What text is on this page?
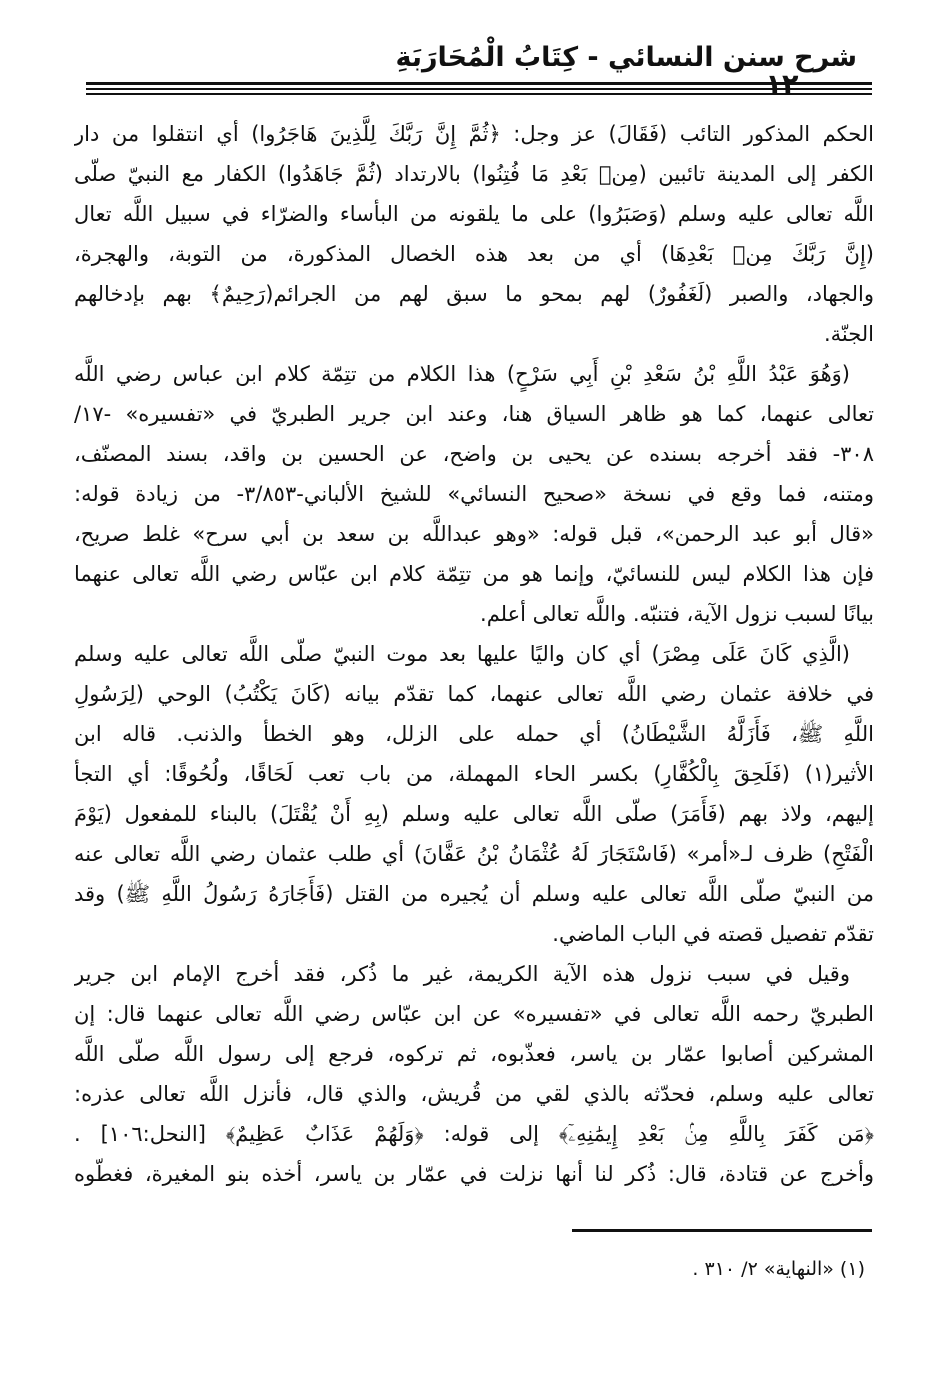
شرح سنن النسائي - كِتَابُ الْمُحَارَبَةِ
الحكم المذكور التائب (فَقَالَ) عز وجل: ﴿ثُمَّ إِنَّ رَبَّكَ لِلَّذِينَ هَاجَرُوا) أي انتقلوا من دار
الكفر إلى المدينة تائبين (مِنۢ بَعْدِ مَا فُتِنُوا) بالارتداد (ثُمَّ جَاهَدُوا) الكفار مع النبيّ صلّى
اللَّه تعالى عليه وسلم (وَصَبَرُوا) على ما يلقونه من البأساء والضرّاء في سبيل اللَّه تعال
(إِنَّ رَبَّكَ مِنۢ بَعْدِهَا) أي من بعد هذه الخصال المذكورة، من التوبة، والهجرة،
والجهاد، والصبر (لَغَفُورٌ) لهم بمحو ما سبق لهم من الجرائم(رَحِيمٌ﴾ بهم بإدخالهم
الجنّة.
(وَهُوَ عَبْدُ اللَّهِ بْنُ سَعْدِ بْنِ أَبِي سَرْحٍ) هذا الكلام من تتِمّة كلام ابن عباس رضي اللَّه
تعالى عنهما، كما هو ظاهر السياق هنا، وعند ابن جرير الطبريّ في «تفسيره» -١٧/
٣٠٨- فقد أخرجه بسنده عن يحيى بن واضح، عن الحسين بن واقد، بسند المصنّف،
ومتنه، فما وقع في نسخة «صحيح النسائي» للشيخ الألباني-٣/٨٥٣- من زيادة قوله:
«قال أبو عبد الرحمن»، قبل قوله: «وهو عبداللَّه بن سعد بن أبي سرح» غلط صريح،
فإن هذا الكلام ليس للنسائيّ، وإنما هو من تتِمّة كلام ابن عبّاس رضي اللَّه تعالى عنهما
بيانًا لسبب نزول الآية، فتنبّه. واللَّه تعالى أعلم.
(الَّذِي كَانَ عَلَى مِصْرَ) أي كان واليًا عليها بعد موت النبيّ صلّى اللَّه تعالى عليه وسلم
في خلافة عثمان رضي اللَّه تعالى عنهما، كما تقدّم بيانه (كَانَ يَكْتُبُ) الوحي (لِرَسُولِ
اللَّهِ ﷺ، فَأَزَلَّهُ الشَّيْطَانُ) أي حمله على الزلل، وهو الخطأ والذنب. قاله ابن
الأثير(١) (فَلَحِقَ بِالْكُفَّارِ) بكسر الحاء المهملة، من باب تعب لَحَاقًا، ولُحُوقًا: أي التجأ
إليهم، ولاذ بهم (فَأَمَرَ) صلّى اللَّه تعالى عليه وسلم (بِهِ أَنْ يُقْتَلَ) بالبناء للمفعول (يَوْمَ
الْفَتْحِ) ظرف لـ«أمر» (فَاسْتَجَارَ لَهُ عُثْمَانُ بْنُ عَفَّانَ) أي طلب عثمان رضي اللَّه تعالى عنه
من النبيّ صلّى اللَّه تعالى عليه وسلم أن يُجيره من القتل (فَأَجَارَهُ رَسُولُ اللَّهِ ﷺ) وقد
تقدّم تفصيل قصته في الباب الماضي.
وقيل في سبب نزول هذه الآية الكريمة، غير ما ذُكر، فقد أخرج الإمام ابن جرير
الطبريّ رحمه اللَّه تعالى في «تفسيره» عن ابن عبّاس رضي اللَّه تعالى عنهما قال: إن
المشركين أصابوا عمّار بن ياسر، فعذّبوه، ثم تركوه، فرجع إلى رسول اللَّه صلّى اللَّه
تعالى عليه وسلم، فحدّثه بالذي لقي من قُريش، والذي قال، فأنزل اللَّه تعالى عذره:
﴿مَن كَفَرَ بِاللَّهِ مِنۢ بَعْدِ إِيمَٰنِهِۦٓ﴾ إلى قوله: ﴿وَلَهُمْ عَذَابٌ عَظِيمٌ﴾ [النحل:١٠٦] .
وأخرج عن قتادة، قال: ذُكر لنا أنها نزلت في عمّار بن ياسر، أخذه بنو المغيرة، فغطّوه
(١) «النهاية» ٢/ ٣١٠ .
